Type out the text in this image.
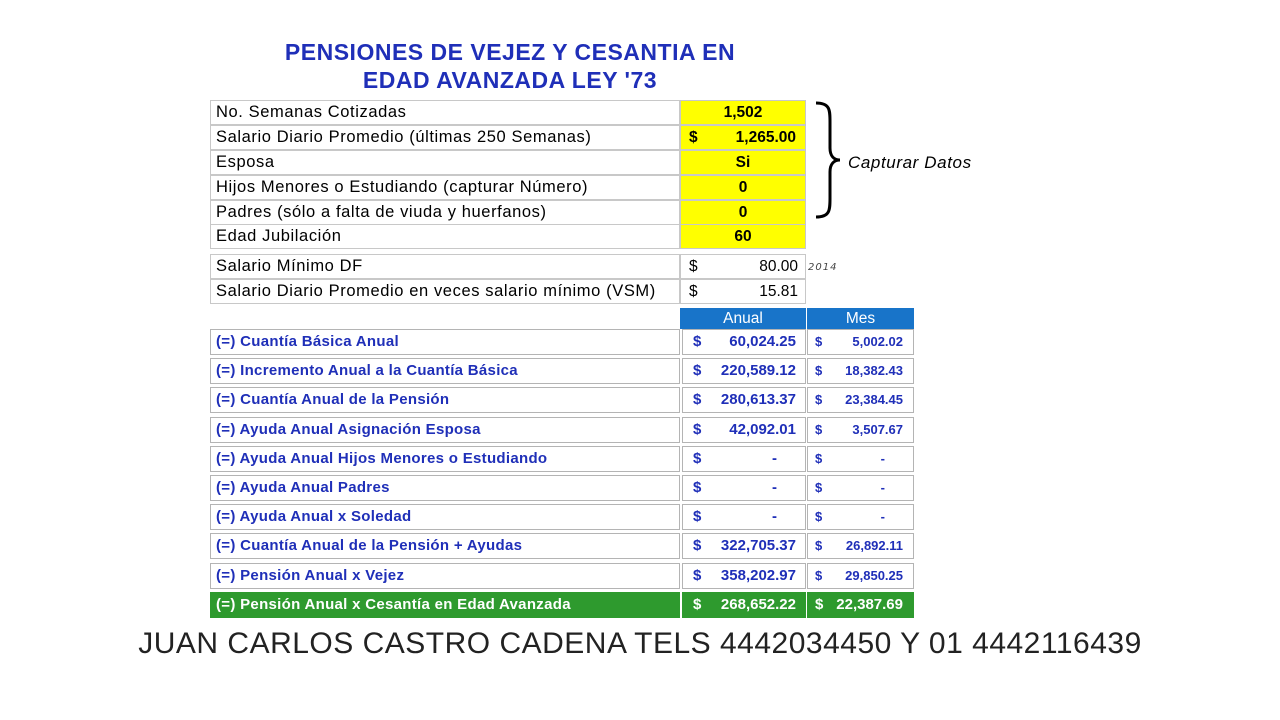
PENSIONES DE VEJEZ Y CESANTIA EN
EDAD AVANZADA LEY '73
No. Semanas Cotizadas	1,502
Salario Diario Promedio (últimas 250 Semanas)	$ 1,265.00
Esposa	Si
Hijos Menores o Estudiando (capturar Número)	0
Padres (sólo a falta de viuda y huerfanos)	0
Edad Jubilación	60
Salario Mínimo DF	$	80.00
Salario Diario Promedio en veces salario mínimo (VSM)	$	15.81
(=) Cuantía Básica Anual	$ 60,024.25 $ 5,002.02
(=) Incremento Anual a la Cuantía Básica	$ 220,589.12 $ 18,382.43
(=) Cuantía Anual de la Pensión	$ 280,613.37 $ 23,384.45
(=) Ayuda Anual Asignación Esposa	$ 42,092.01 $ 3,507.67
(=) Ayuda Anual Hijos Menores o Estudiando	$	-	$	-
(=) Ayuda Anual Padres	$	-	$	-
(=) Ayuda Anual x Soledad	$	-	$	-
(=) Cuantía Anual de la Pensión + Ayudas	$ 322,705.37 $ 26,892.11
(=) Pensión Anual x Vejez	$ 358,202.97 $ 29,850.25
(=) Pensión Anual x Cesantía en Edad Avanzada	$ 268,652.22 $ 22,387.69
Capturar Datos
2014
Anual	Mes
JUAN CARLOS CASTRO CADENA TELS 4442034450 Y 01 4442116439
